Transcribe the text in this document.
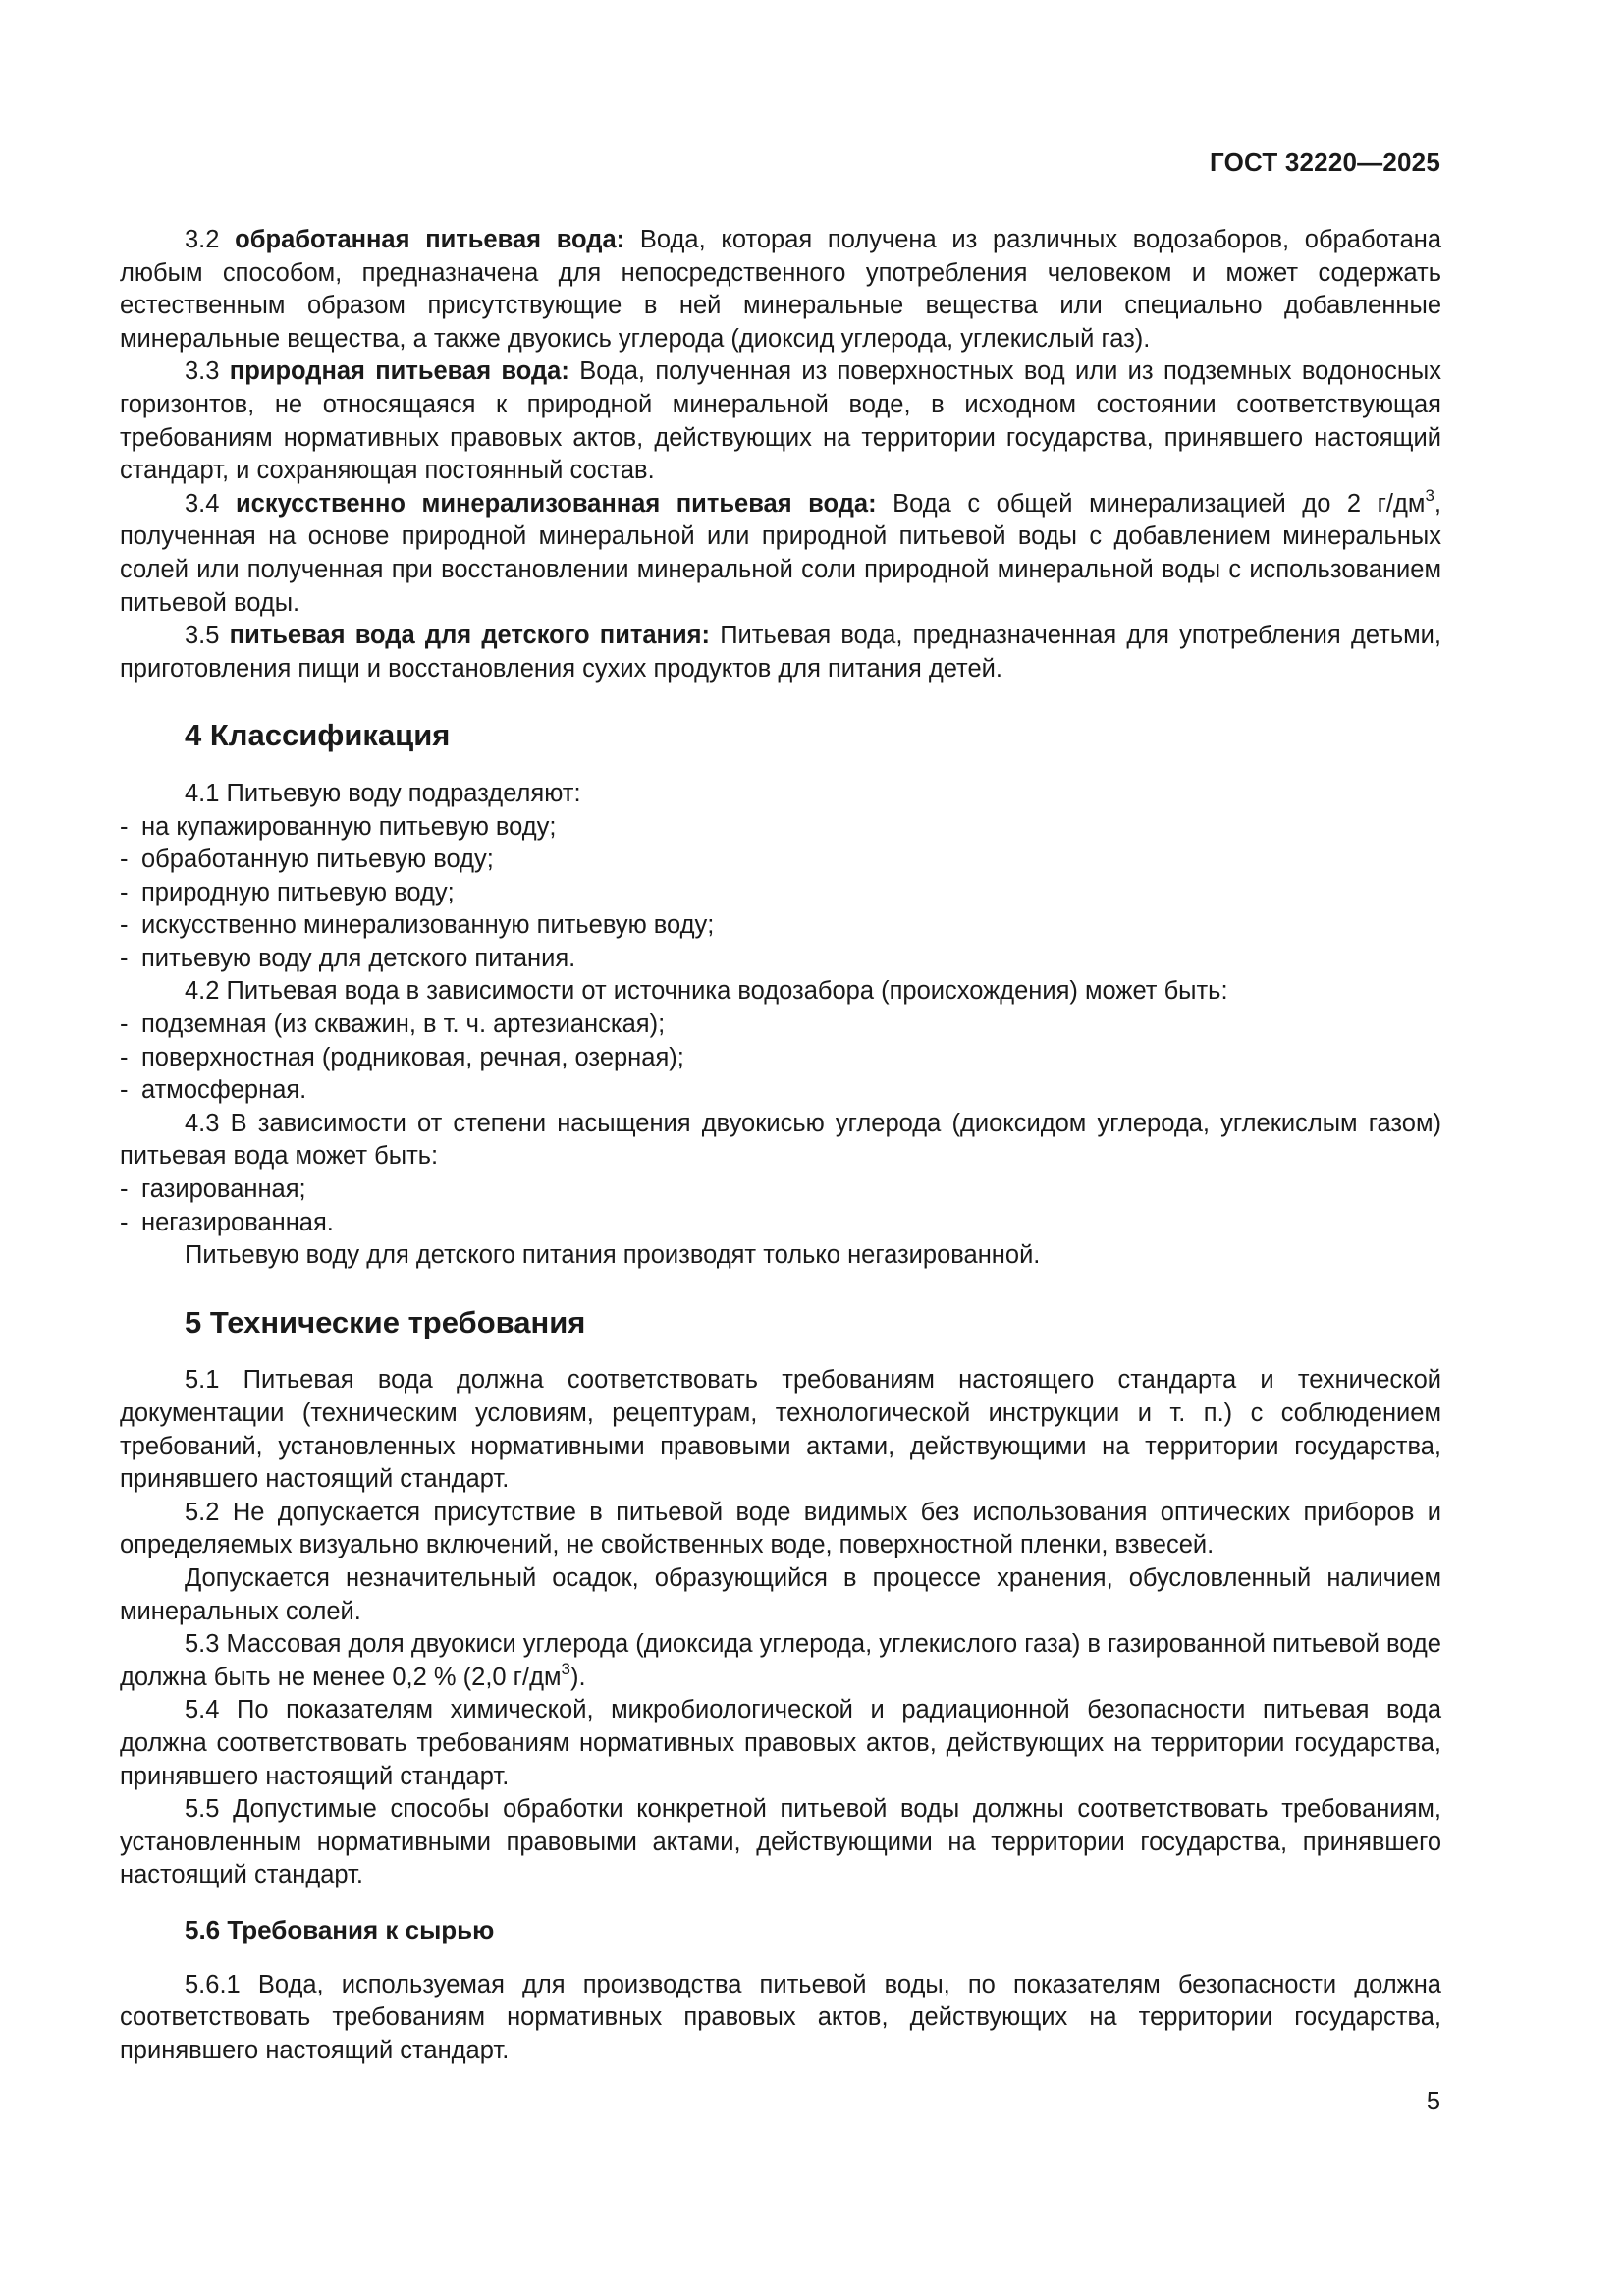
ГОСТ 32220—2025

3.2 обработанная питьевая вода: Вода, которая получена из различных водозаборов, обработана любым способом, предназначена для непосредственного употребления человеком и может содержать естественным образом присутствующие в ней минеральные вещества или специально добавленные минеральные вещества, а также двуокись углерода (диоксид углерода, углекислый газ).

3.3 природная питьевая вода: Вода, полученная из поверхностных вод или из подземных водоносных горизонтов, не относящаяся к природной минеральной воде, в исходном состоянии соответствующая требованиям нормативных правовых актов, действующих на территории государства, принявшего настоящий стандарт, и сохраняющая постоянный состав.

3.4 искусственно минерализованная питьевая вода: Вода с общей минерализацией до 2 $г/дм^3$, полученная на основе природной минеральной или природной питьевой воды с добавлением минеральных солей или полученная при восстановлении минеральной соли природной минеральной воды с использованием питьевой воды.

3.5 питьевая вода для детского питания: Питьевая вода, предназначенная для употребления детьми, приготовления пищи и восстановления сухих продуктов для питания детей.

4 Классификация

4.1 Питьевую воду подразделяют:

- на купажированную питьевую воду;

- обработанную питьевую воду;

- природную питьевую воду;

- искусственно минерализованную питьевую воду;

- питьевую воду для детского питания.

4.2 Питьевая вода в зависимости от источника водозабора (происхождения) может быть:

- подземная (из скважин, в т. ч. артезианская);

- поверхностная (родниковая, речная, озерная);

- атмосферная.

4.3 В зависимости от степени насыщения двуокисью углерода (диоксидом углерода, углекислым газом) питьевая вода может быть:

- газированная;

- негазированная.

Питьевую воду для детского питания производят только негазированной.

5 Технические требования

5.1 Питьевая вода должна соответствовать требованиям настоящего стандарта и технической документации (техническим условиям, рецептурам, технологической инструкции и т. п.) с соблюдением требований, установленных нормативными правовыми актами, действующими на территории государства, принявшего настоящий стандарт.

5.2 Не допускается присутствие в питьевой воде видимых без использования оптических приборов и определяемых визуально включений, не свойственных воде, поверхностной пленки, взвесей.

Допускается незначительный осадок, образующийся в процессе хранения, обусловленный наличием минеральных солей.

5.3 Массовая доля двуокиси углерода (диоксида углерода, углекислого газа) в газированной питьевой воде должна быть не менее 0,2 % (2,0 $г/дм^3$).

5.4 По показателям химической, микробиологической и радиационной безопасности питьевая вода должна соответствовать требованиям нормативных правовых актов, действующих на территории государства, принявшего настоящий стандарт.

5.5 Допустимые способы обработки конкретной питьевой воды должны соответствовать требованиям, установленным нормативными правовыми актами, действующими на территории государства, принявшего настоящий стандарт.

5.6 Требования к сырью

5.6.1 Вода, используемая для производства питьевой воды, по показателям безопасности должна соответствовать требованиям нормативных правовых актов, действующих на территории государства, принявшего настоящий стандарт.

5
